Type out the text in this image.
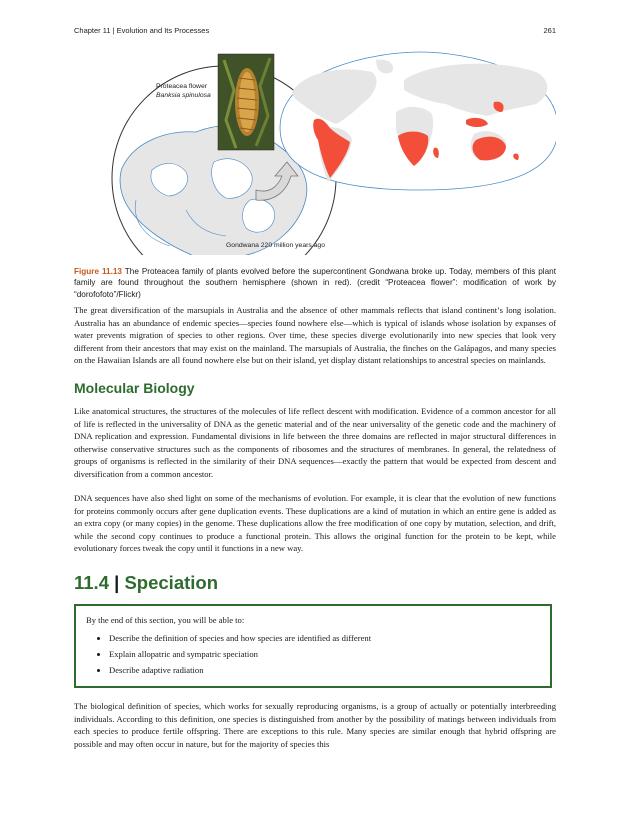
Chapter 11 | Evolution and Its Processes	261
Proteacea flower
Banksia spinulosa
Gondwana 220 million years ago

Figure 11.13 The Proteacea family of plants evolved before the supercontinent Gondwana broke up. Today, members of this plant family are found throughout the southern hemisphere (shown in red). (credit “Proteacea flower”: modification of work by “dorofofoto”/Flickr)

The great diversification of the marsupials in Australia and the absence of other mammals reflects that island continent’s long isolation. Australia has an abundance of endemic species—species found nowhere else—which is typical of islands whose isolation by expanses of water prevents migration of species to other regions. Over time, these species diverge evolutionarily into new species that look very different from their ancestors that may exist on the mainland. The marsupials of Australia, the finches on the Galápagos, and many species on the Hawaiian Islands are all found nowhere else but on their island, yet display distant relationships to ancestral species on mainlands.

Molecular Biology

Like anatomical structures, the structures of the molecules of life reflect descent with modification. Evidence of a common ancestor for all of life is reflected in the universality of DNA as the genetic material and of the near universality of the genetic code and the machinery of DNA replication and expression. Fundamental divisions in life between the three domains are reflected in major structural differences in otherwise conservative structures such as the components of ribosomes and the structures of membranes. In general, the relatedness of groups of organisms is reflected in the similarity of their DNA sequences—exactly the pattern that would be expected from descent and diversification from a common ancestor.

DNA sequences have also shed light on some of the mechanisms of evolution. For example, it is clear that the evolution of new functions for proteins commonly occurs after gene duplication events. These duplications are a kind of mutation in which an entire gene is added as an extra copy (or many copies) in the genome. These duplications allow the free modification of one copy by mutation, selection, and drift, while the second copy continues to produce a functional protein. This allows the original function for the protein to be kept, while evolutionary forces tweak the copy until it functions in a new way.

11.4 | Speciation

By the end of this section, you will be able to:

• Describe the definition of species and how species are identified as different
• Explain allopatric and sympatric speciation
• Describe adaptive radiation

The biological definition of species, which works for sexually reproducing organisms, is a group of actually or potentially interbreeding individuals. According to this definition, one species is distinguished from another by the possibility of matings between individuals from each species to produce fertile offspring. There are exceptions to this rule. Many species are similar enough that hybrid offspring are possible and may often occur in nature, but for the majority of species this
